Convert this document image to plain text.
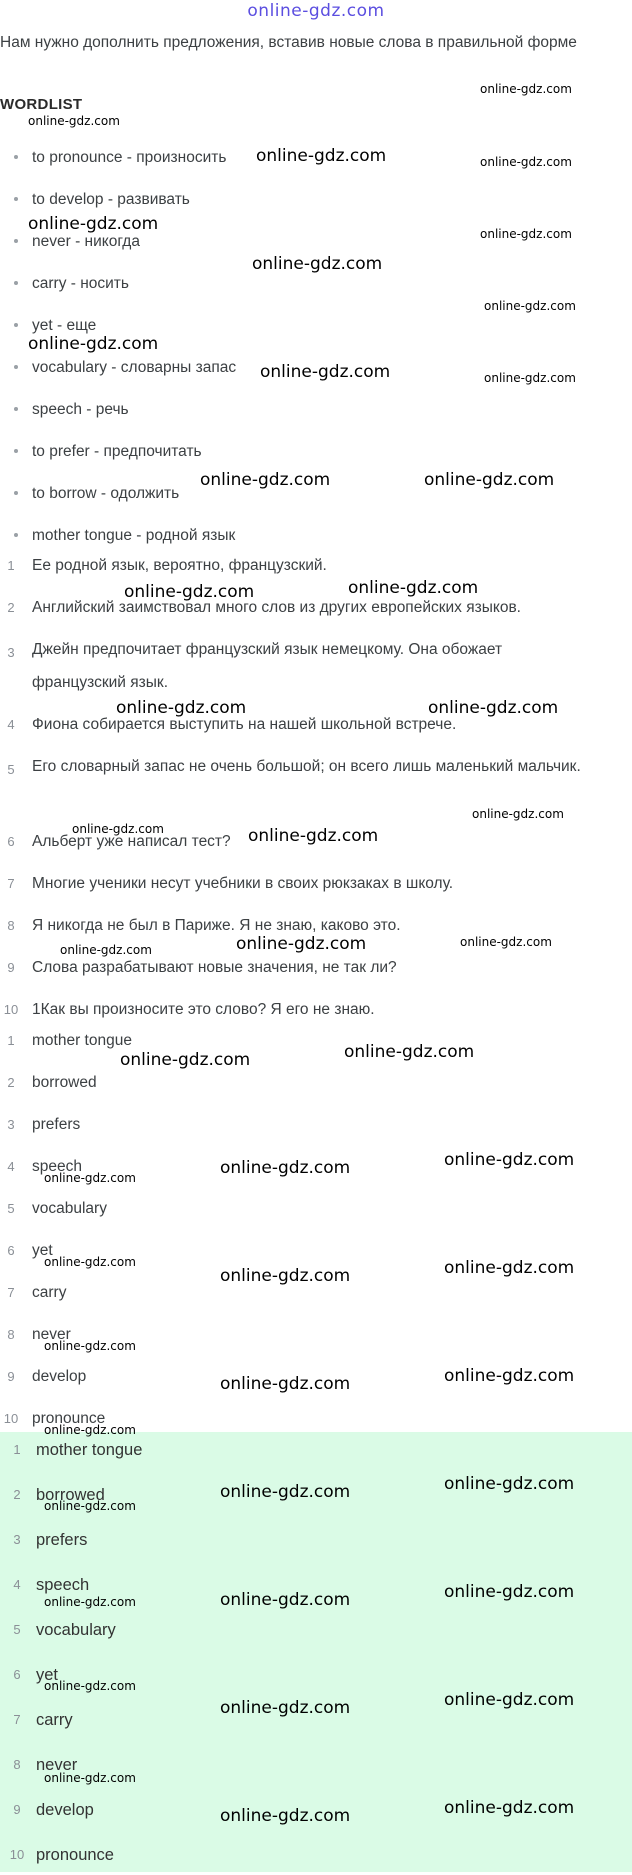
online-gdz.com
Нам нужно дополнить предложения, вставив новые слова в правильной форме
WORDLIST
to pronounce - произносить
to develop - развивать
never - никогда
carry - носить
yet - еще
vocabulary - словарны запас
speech - речь
to prefer - предпочитать
to borrow - одолжить
mother tongue - родной язык
1	Ее родной язык, вероятно, французский.
2	Английский заимствовал много слов из других европейских языков.
3	Джейн предпочитает французский язык немецкому. Она обожает французский язык.
4	Фиона собирается выступить на нашей школьной встрече.
5	Его словарный запас не очень большой; он всего лишь маленький мальчик.
6	Альберт уже написал тест?
7	Многие ученики несут учебники в своих рюкзаках в школу.
8	Я никогда не был в Париже. Я не знаю, каково это.
9	Слова разрабатывают новые значения, не так ли?
10 1Как вы произносите это слово? Я его не знаю.
1	mother tongue
2	borrowed
3	prefers
4	speech
5	vocabulary
6	yet
7	carry
8	never
9	develop
10 pronounce
1 mother tongue
2 borrowed
3 prefers
4 speech
5 vocabulary
6 yet
7 carry
8 never
9 develop
10 pronounce
online-gdz.com
online-gdz.com
online-gdz.com	online-gdz.com
online-gdz.com	online-gdz.com
online-gdz.com
online-gdz.com
online-gdz.com
online-gdz.com	online-gdz.com
online-gdz.com	online-gdz.com
online-gdz.com
online-gdz.com
online-gdz.com	online-gdz.com
online-gdz.com
online-gdz.com	online-gdz.com
online-gdz.com
online-gdz.com	online-gdz.com
online-gdz.com
online-gdz.com
online-gdz.com
online-gdz.com
online-gdz.com
online-gdz.com	online-gdz.com
online-gdz.com
online-gdz.com
online-gdz.com
online-gdz.com
online-gdz.com
online-gdz.com
online-gdz.com
online-gdz.com
online-gdz.com	online-gdz.com
online-gdz.com
online-gdz.com
online-gdz.com
online-gdz.com
online-gdz.com
online-gdz.com
online-gdz.com
